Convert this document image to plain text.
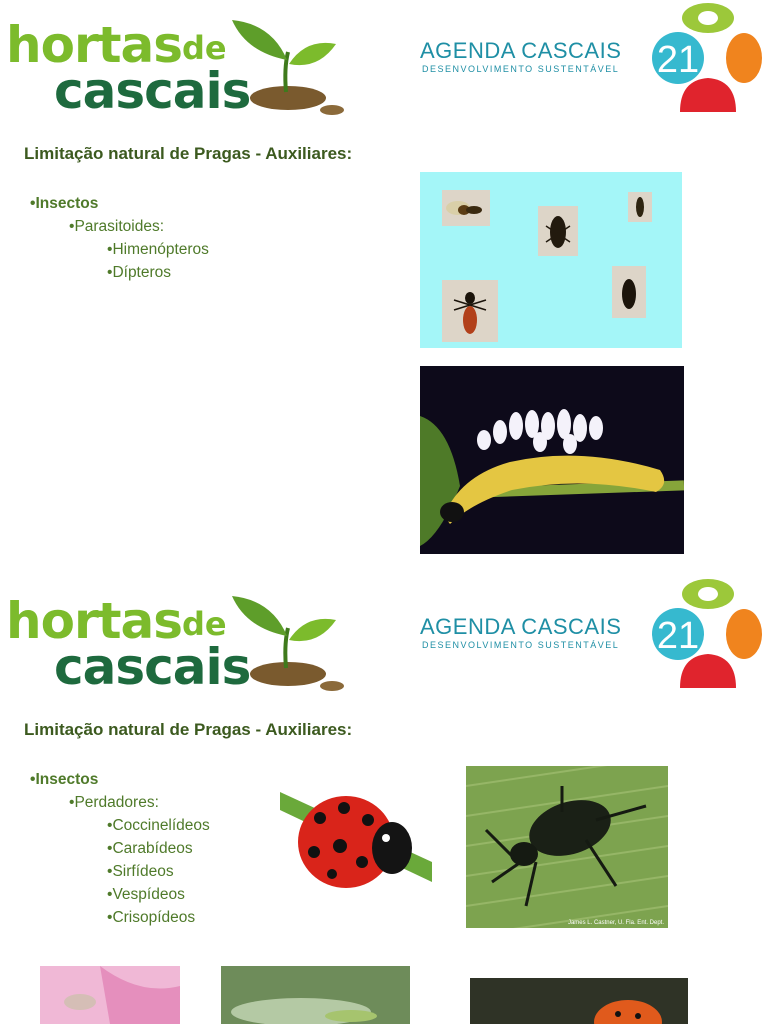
hortas de
cascais
AGENDA CASCAIS
DESENVOLVIMENTO SUSTENTÁVEL 21
Limitação natural de Pragas - Auxiliares:
• Insectos
• Parasitoides:
• Himenópteros
• Dípteros
hortas de
cascais
AGENDA CASCAIS
DESENVOLVIMENTO SUSTENTÁVEL 21
Limitação natural de Pragas - Auxiliares:
• Insectos
• Perdadores:
• Coccinelídeos
• Carabídeos
• Sirfídeos
• Vespídeos
• Crisopídeos	James L. Castner, U. Fla. Ent. Dept.
